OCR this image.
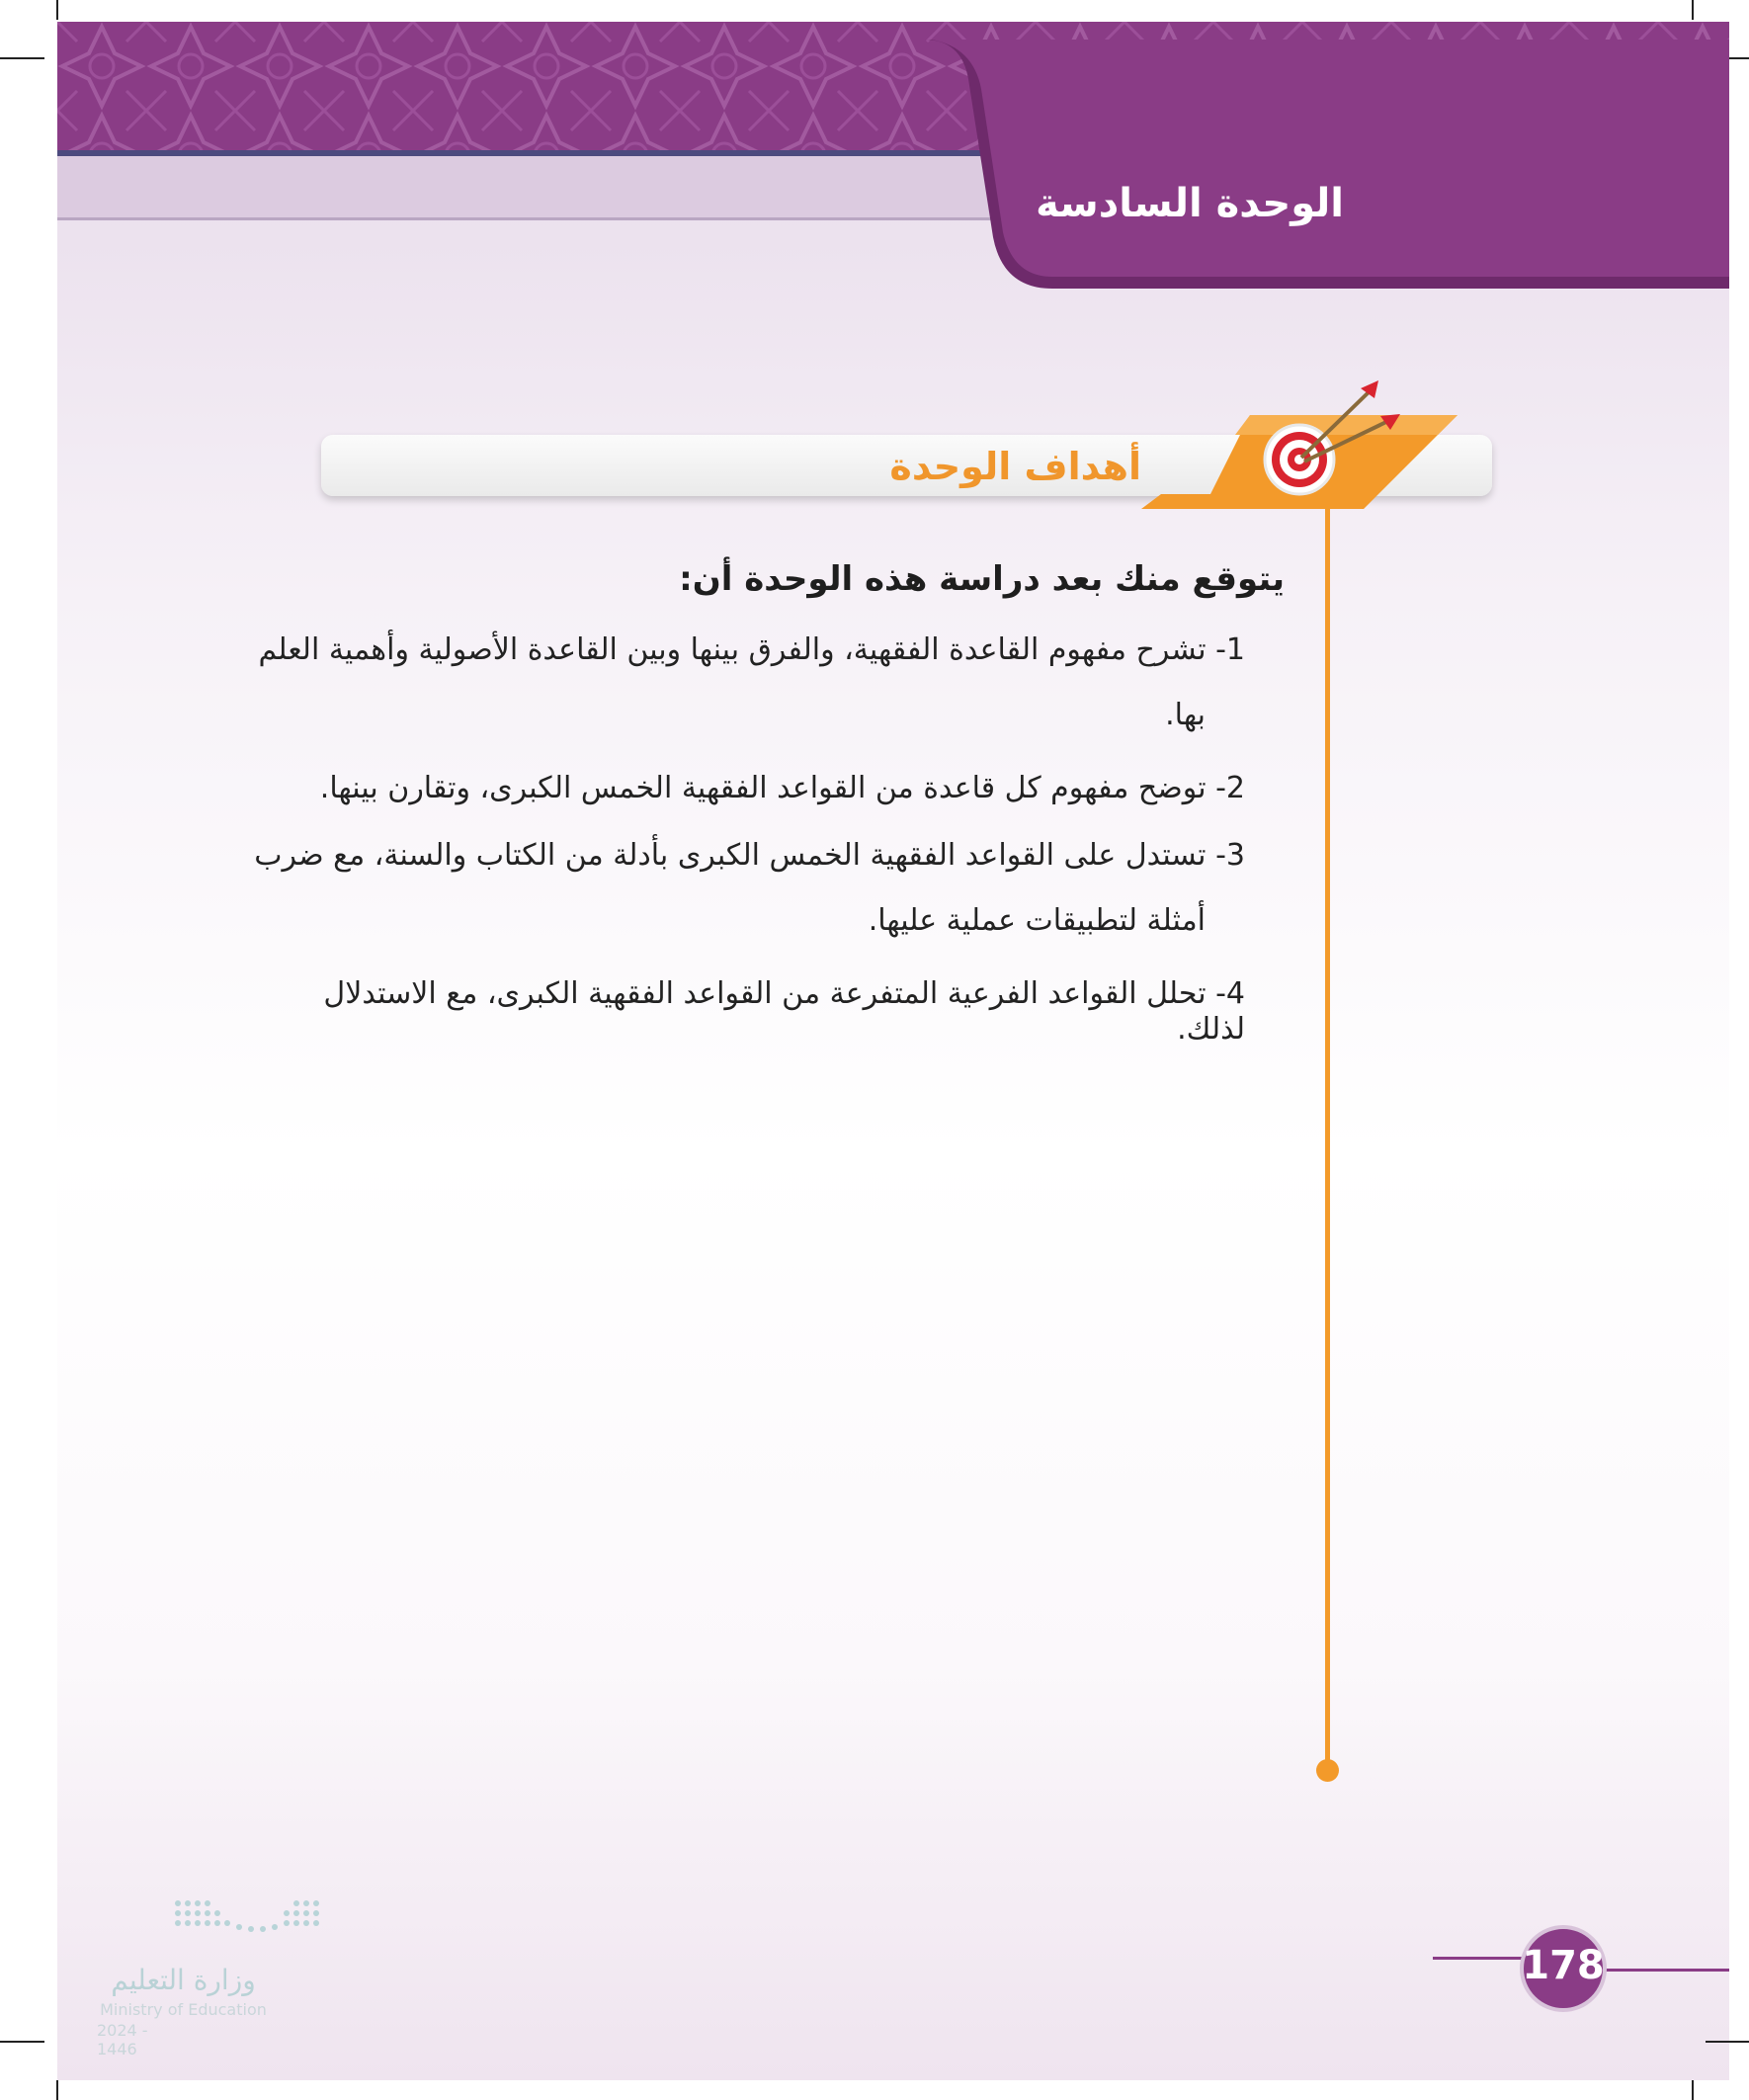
الوحدة السادسة
أهداف الوحدة
يتوقع منك بعد دراسة هذه الوحدة أن:
1- تشرح مفهوم القاعدة الفقهية، والفرق بينها وبين القاعدة الأصولية وأهمية العلم
بها.
2- توضح مفهوم كل قاعدة من القواعد الفقهية الخمس الكبرى، وتقارن بينها.
3- تستدل على القواعد الفقهية الخمس الكبرى بأدلة من الكتاب والسنة، مع ضرب
أمثلة لتطبيقات عملية عليها.
4- تحلل القواعد الفرعية المتفرعة من القواعد الفقهية الكبرى، مع الاستدلال لذلك.
178
وزارة التعليم
Ministry of Education
2024 - 1446
